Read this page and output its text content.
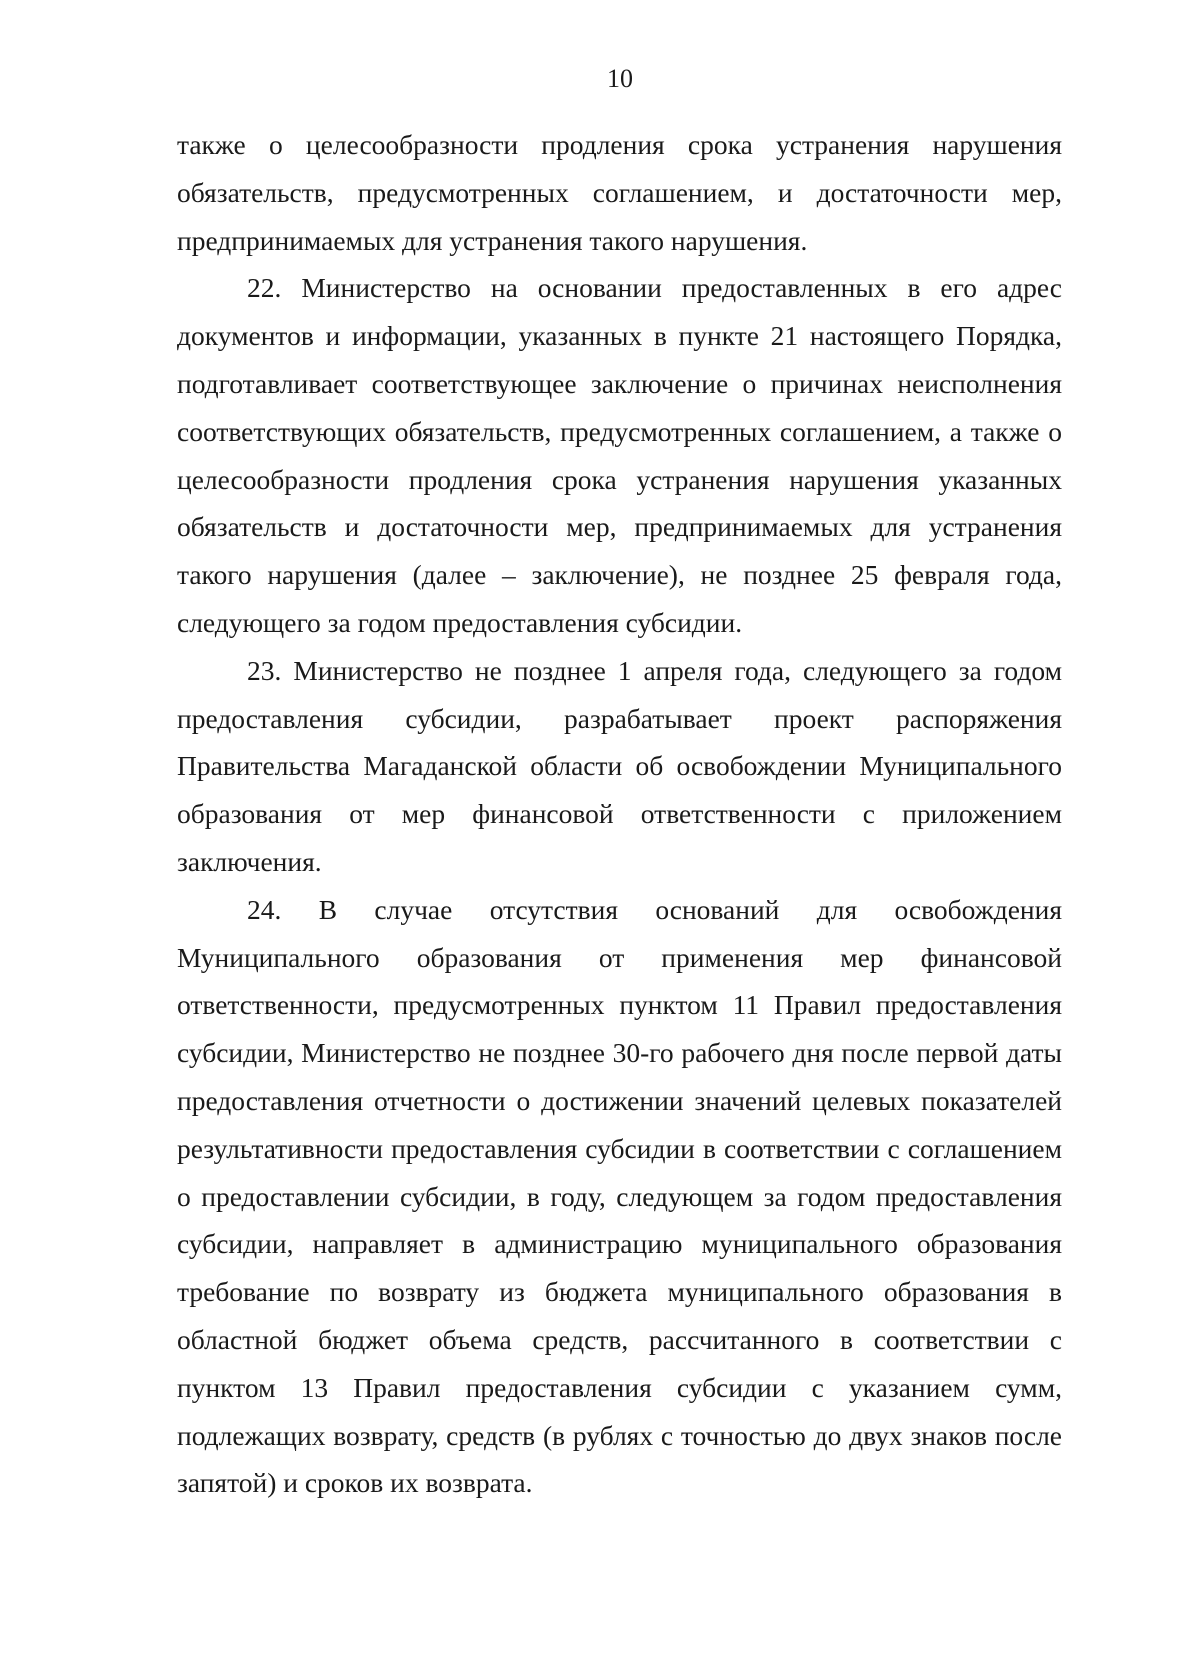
10

также о целесообразности продления срока устранения нарушения обязательств, предусмотренных соглашением, и достаточности мер, предпринимаемых для устранения такого нарушения.

22. Министерство на основании предоставленных в его адрес документов и информации, указанных в пункте 21 настоящего Порядка, подготавливает соответствующее заключение о причинах неисполнения соответствующих обязательств, предусмотренных соглашением, а также о целесообразности продления срока устранения нарушения указанных обязательств и достаточности мер, предпринимаемых для устранения такого нарушения (далее – заключение), не позднее 25 февраля года, следующего за годом предоставления субсидии.

23. Министерство не позднее 1 апреля года, следующего за годом предоставления субсидии, разрабатывает проект распоряжения Правительства Магаданской области об освобождении Муниципального образования от мер финансовой ответственности с приложением заключения.

24. В случае отсутствия оснований для освобождения Муниципального образования от применения мер финансовой ответственности, предусмотренных пунктом 11 Правил предоставления субсидии, Министерство не позднее 30-го рабочего дня после первой даты предоставления отчетности о достижении значений целевых показателей результативности предоставления субсидии в соответствии с соглашением о предоставлении субсидии, в году, следующем за годом предоставления субсидии, направляет в администрацию муниципального образования требование по возврату из бюджета муниципального образования в областной бюджет объема средств, рассчитанного в соответствии с пунктом 13 Правил предоставления субсидии с указанием сумм, подлежащих возврату, средств (в рублях с точностью до двух знаков после запятой) и сроков их возврата.
